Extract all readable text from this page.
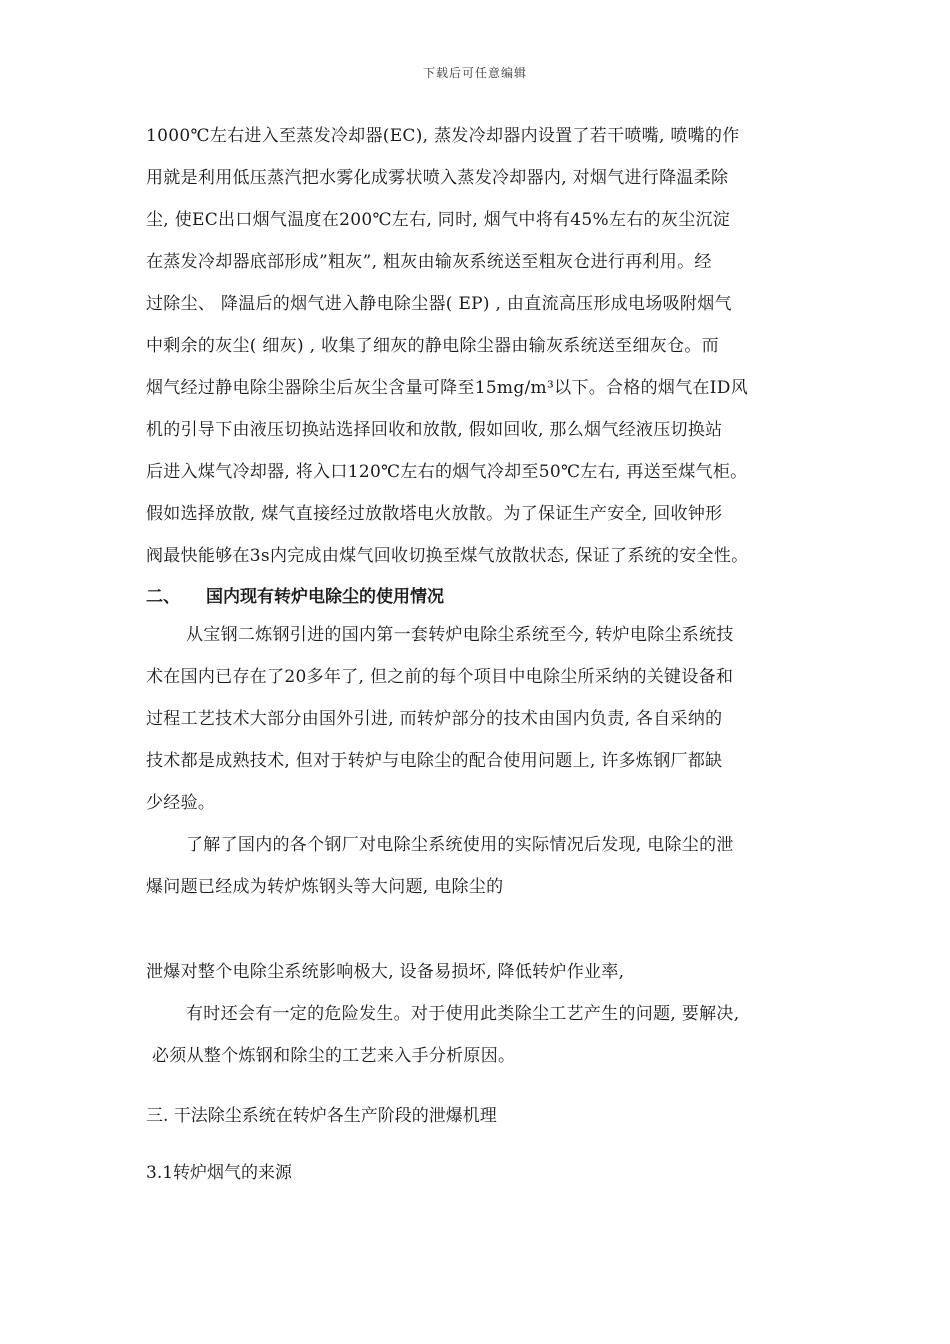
下载后可任意编辑
1000℃左右进入至蒸发冷却器(EC), 蒸发冷却器内设置了若干喷嘴, 喷嘴的作
用就是利用低压蒸汽把水雾化成雾状喷入蒸发冷却器内, 对烟气进行降温柔除
尘, 使EC出口烟气温度在200℃左右, 同时, 烟气中将有45%左右的灰尘沉淀
在蒸发冷却器底部形成”粗灰”, 粗灰由输灰系统送至粗灰仓进行再利用。经
过除尘、 降温后的烟气进入静电除尘器( EP) , 由直流高压形成电场吸附烟气
中剩余的灰尘( 细灰) , 收集了细灰的静电除尘器由输灰系统送至细灰仓。而
烟气经过静电除尘器除尘后灰尘含量可降至15mg/m³以下。合格的烟气在ID风
机的引导下由液压切换站选择回收和放散, 假如回收, 那么烟气经液压切换站
后进入煤气冷却器, 将入口120℃左右的烟气冷却至50℃左右, 再送至煤气柜。
假如选择放散, 煤气直接经过放散塔电火放散。为了保证生产安全, 回收钟形
阀最快能够在3s内完成由煤气回收切换至煤气放散状态, 保证了系统的安全性。
二、 国内现有转炉电除尘的使用情况
从宝钢二炼钢引进的国内第一套转炉电除尘系统至今, 转炉电除尘系统技
术在国内已存在了20多年了, 但之前的每个项目中电除尘所采纳的关键设备和
过程工艺技术大部分由国外引进, 而转炉部分的技术由国内负责, 各自采纳的
技术都是成熟技术, 但对于转炉与电除尘的配合使用问题上, 许多炼钢厂都缺
少经验。
了解了国内的各个钢厂对电除尘系统使用的实际情况后发现, 电除尘的泄
爆问题已经成为转炉炼钢头等大问题, 电除尘的
泄爆对整个电除尘系统影响极大, 设备易损坏, 降低转炉作业率,
有时还会有一定的危险发生。对于使用此类除尘工艺产生的问题, 要解决,
必须从整个炼钢和除尘的工艺来入手分析原因。
三. 干法除尘系统在转炉各生产阶段的泄爆机理
3.1转炉烟气的来源
